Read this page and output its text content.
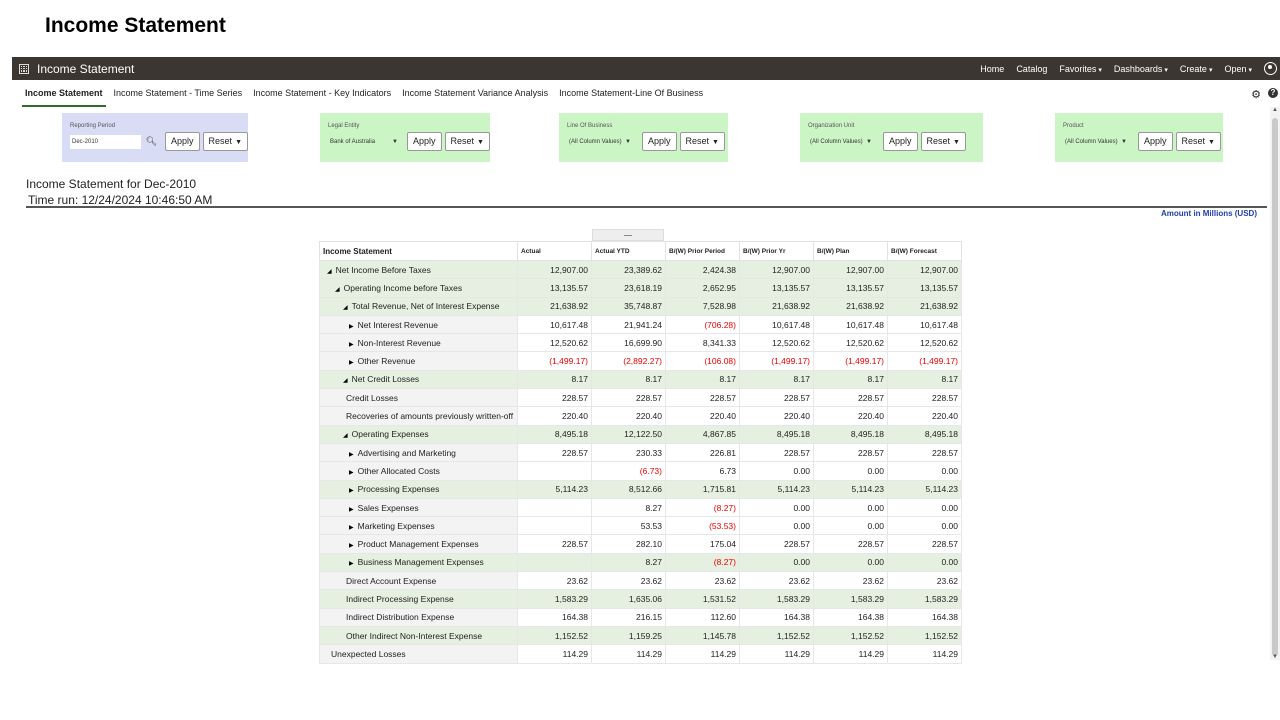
Income Statement
Income Statement	Home Catalog Favorites ▾ Dashboards ▾ Create ▾ Open ▾
Income Statement	Income Statement - Time Series	Income Statement - Key Indicators	Income Statement Variance Analysis	Income Statement-Line Of Business	⚙	?
Reporting Period
Dec-2010	🔍︎	Apply	Reset ▼
Legal Entity
Bank of Australia	▼	Apply	Reset ▼
Line Of Business
(All Column Values) ▼	Apply	Reset ▼
Organization Unit
(All Column Values) ▼	Apply	Reset ▼
Product
(All Column Values) ▼	Apply	Reset ▼
Income Statement for Dec-2010
Time run: 12/24/2024 10:46:50 AM
Amount in Millions (USD)
Income Statement	Actual	Actual YTD	B/(W) Prior Period	B/(W) Prior Yr	B/(W) Plan	B/(W) Forecast
◢ Net Income Before Taxes	12,907.00	23,389.62	2,424.38	12,907.00	12,907.00	12,907.00
◢ Operating Income before Taxes	13,135.57	23,618.19	2,652.95	13,135.57	13,135.57	13,135.57
◢ Total Revenue, Net of Interest Expense	21,638.92	35,748.87	7,528.98	21,638.92	21,638.92	21,638.92
▶ Net Interest Revenue	10,617.48	21,941.24	(706.28)	10,617.48	10,617.48	10,617.48
▶ Non-Interest Revenue	12,520.62	16,699.90	8,341.33	12,520.62	12,520.62	12,520.62
▶ Other Revenue	(1,499.17)	(2,892.27)	(106.08)	(1,499.17)	(1,499.17)	(1,499.17)
◢ Net Credit Losses	8.17	8.17	8.17	8.17	8.17	8.17
Credit Losses	228.57	228.57	228.57	228.57	228.57	228.57
Recoveries of amounts previously written-off	220.40	220.40	220.40	220.40	220.40	220.40
◢ Operating Expenses	8,495.18	12,122.50	4,867.85	8,495.18	8,495.18	8,495.18
▶ Advertising and Marketing	228.57	230.33	226.81	228.57	228.57	228.57
▶ Other Allocated Costs		(6.73)	6.73	0.00	0.00	0.00
▶ Processing Expenses	5,114.23	8,512.66	1,715.81	5,114.23	5,114.23	5,114.23
▶ Sales Expenses		8.27	(8.27)	0.00	0.00	0.00
▶ Marketing Expenses		53.53	(53.53)	0.00	0.00	0.00
▶ Product Management Expenses	228.57	282.10	175.04	228.57	228.57	228.57
▶ Business Management Expenses		8.27	(8.27)	0.00	0.00	0.00
Direct Account Expense	23.62	23.62	23.62	23.62	23.62	23.62
Indirect Processing Expense	1,583.29	1,635.06	1,531.52	1,583.29	1,583.29	1,583.29
Indirect Distribution Expense	164.38	216.15	112.60	164.38	164.38	164.38
Other Indirect Non-Interest Expense	1,152.52	1,159.25	1,145.78	1,152.52	1,152.52	1,152.52
Unexpected Losses	114.29	114.29	114.29	114.29	114.29	114.29
▲
▼
